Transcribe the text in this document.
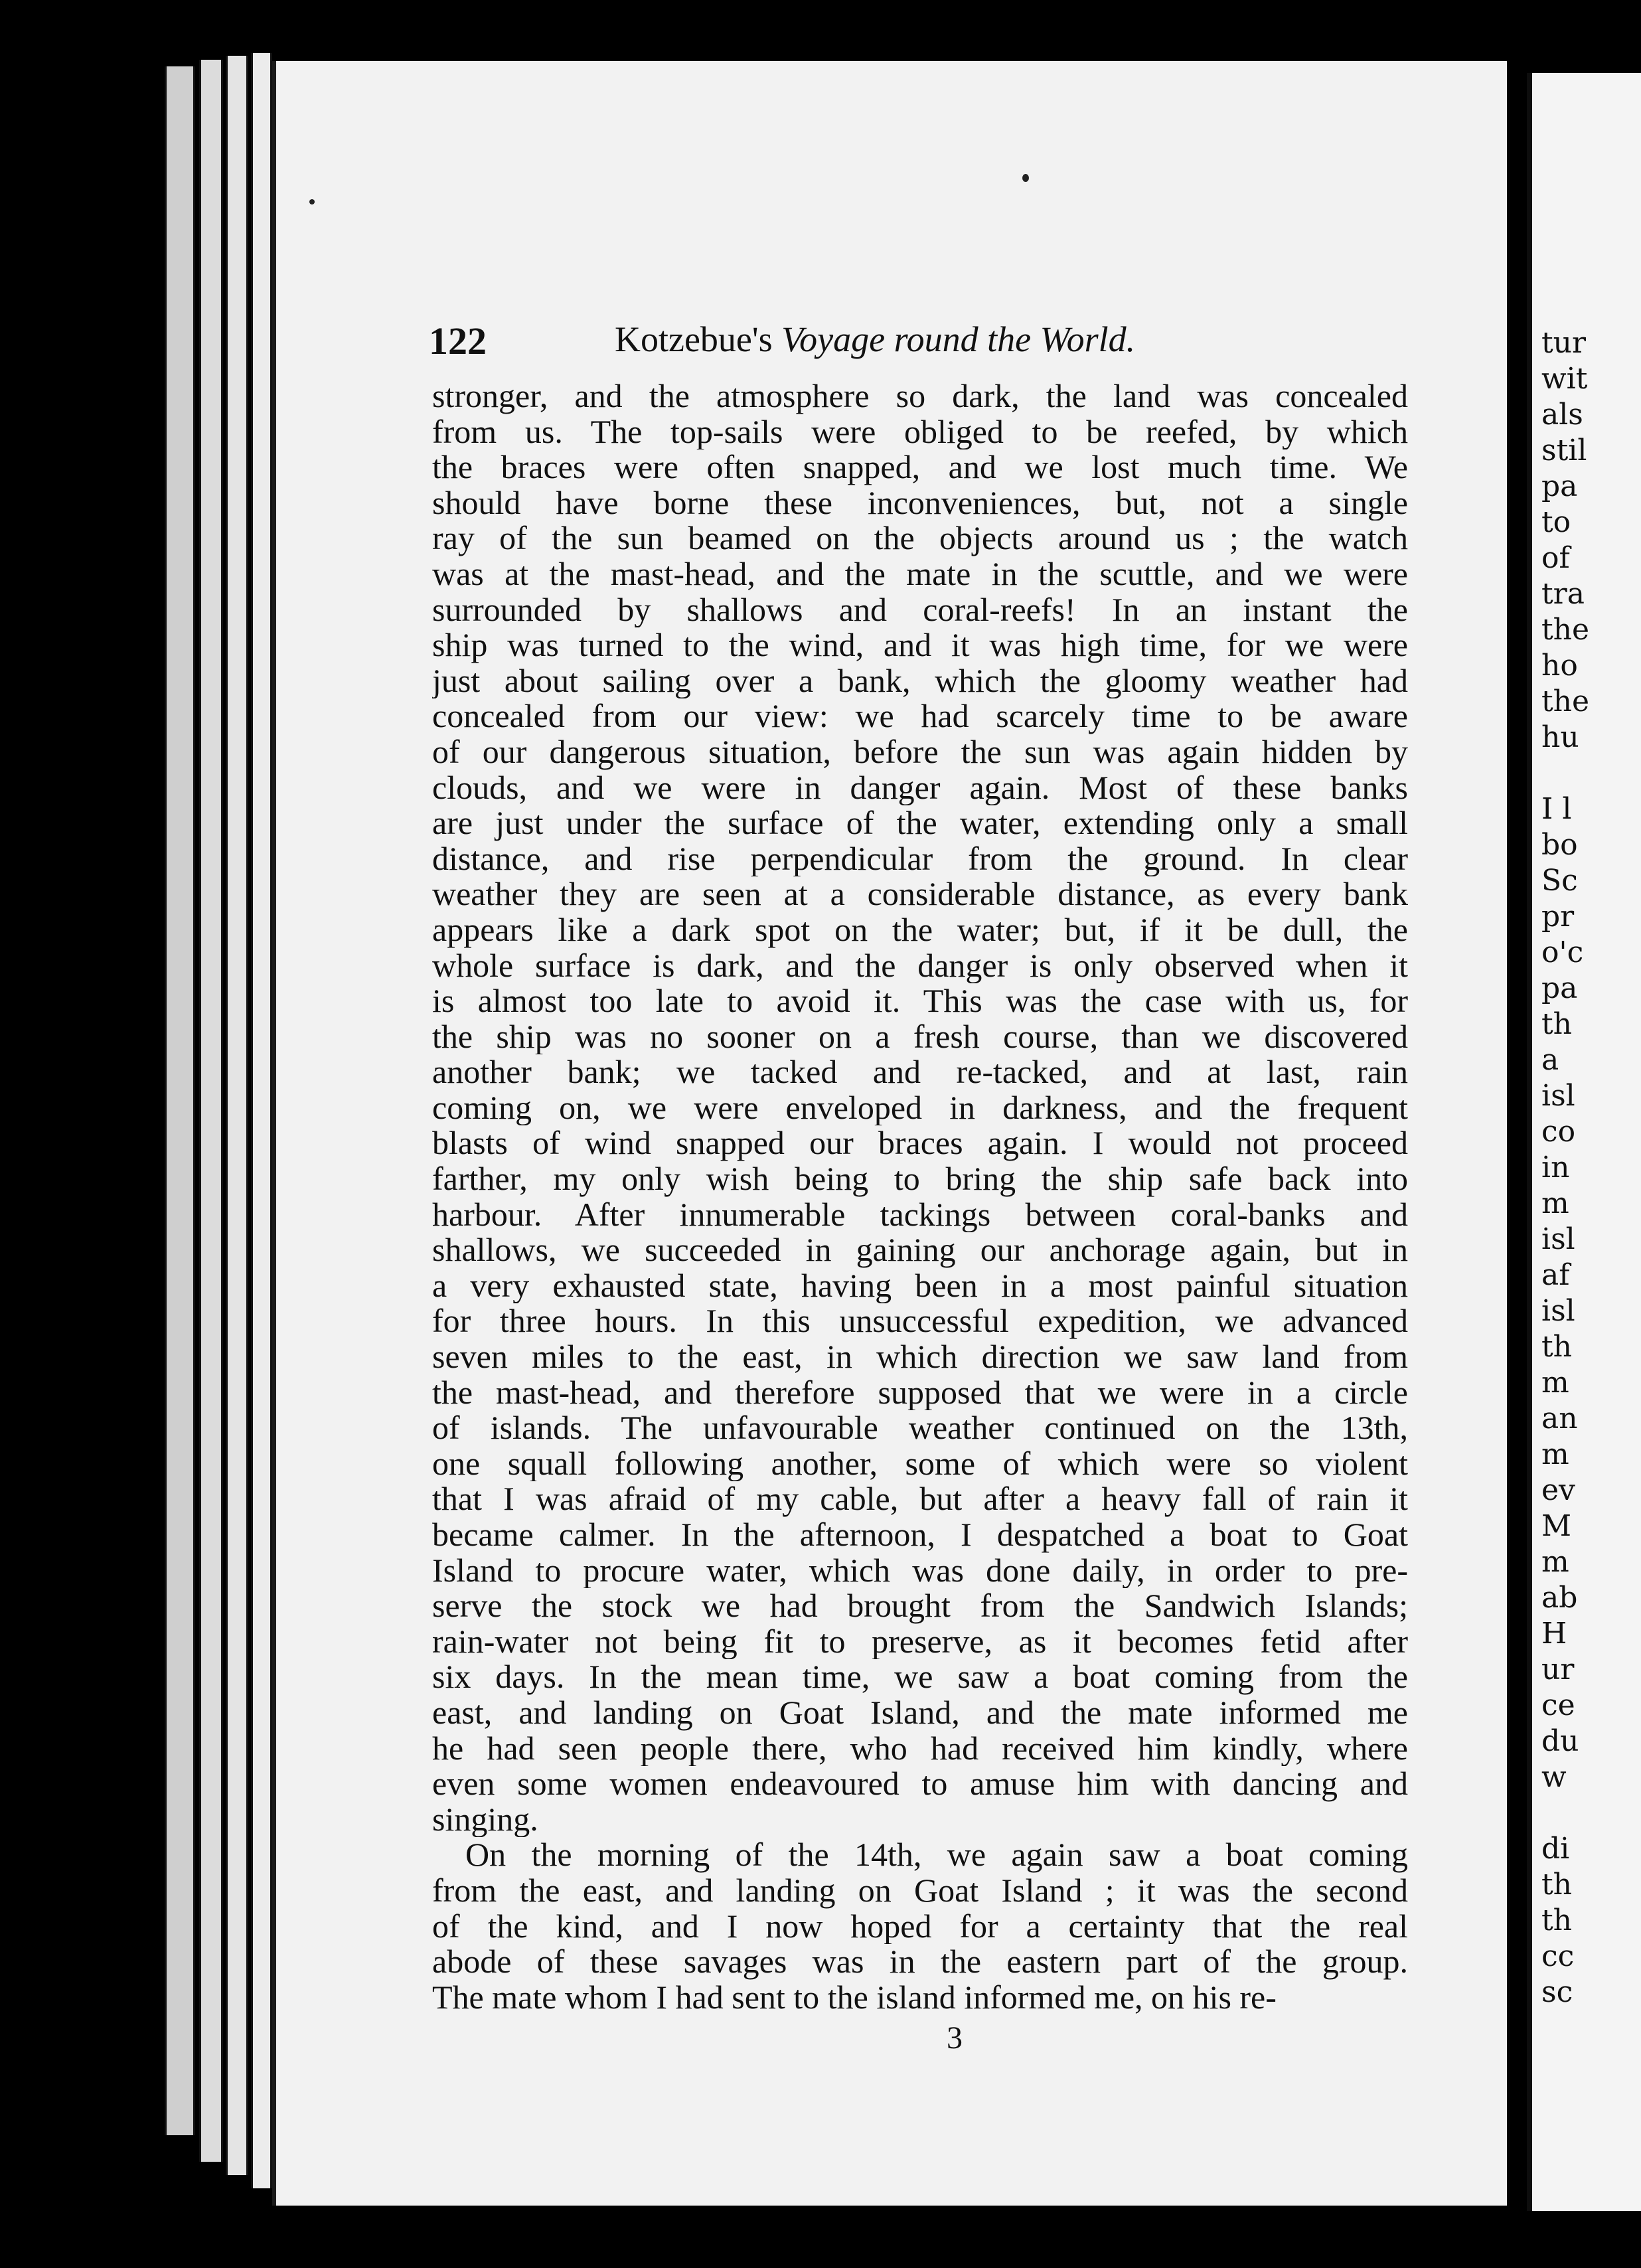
122	Kotzebue's Voyage round the World.
stronger, and the atmosphere so dark, the land was concealed
from us. The top-sails were obliged to be reefed, by which
the braces were often snapped, and we lost much time. We
should have borne these inconveniences, but, not a single
ray of the sun beamed on the objects around us ; the watch
was at the mast-head, and the mate in the scuttle, and we were
surrounded by shallows and coral-reefs! In an instant the
ship was turned to the wind, and it was high time, for we were
just about sailing over a bank, which the gloomy weather had
concealed from our view: we had scarcely time to be aware
of our dangerous situation, before the sun was again hidden by
clouds, and we were in danger again. Most of these banks
are just under the surface of the water, extending only a small
distance, and rise perpendicular from the ground. In clear
weather they are seen at a considerable distance, as every bank
appears like a dark spot on the water; but, if it be dull, the
whole surface is dark, and the danger is only observed when it
is almost too late to avoid it. This was the case with us, for
the ship was no sooner on a fresh course, than we discovered
another bank; we tacked and re-tacked, and at last, rain
coming on, we were enveloped in darkness, and the frequent
blasts of wind snapped our braces again. I would not proceed
farther, my only wish being to bring the ship safe back into
harbour. After innumerable tackings between coral-banks and
shallows, we succeeded in gaining our anchorage again, but in
a very exhausted state, having been in a most painful situation
for three hours. In this unsuccessful expedition, we advanced
seven miles to the east, in which direction we saw land from
the mast-head, and therefore supposed that we were in a circle
of islands. The unfavourable weather continued on the 13th,
one squall following another, some of which were so violent
that I was afraid of my cable, but after a heavy fall of rain it
became calmer. In the afternoon, I despatched a boat to Goat
Island to procure water, which was done daily, in order to pre-
serve the stock we had brought from the Sandwich Islands;
rain-water not being fit to preserve, as it becomes fetid after
six days. In the mean time, we saw a boat coming from the
east, and landing on Goat Island, and the mate informed me
he had seen people there, who had received him kindly, where
even some women endeavoured to amuse him with dancing and
singing.
On the morning of the 14th, we again saw a boat coming
from the east, and landing on Goat Island ; it was the second
of the kind, and I now hoped for a certainty that the real
abode of these savages was in the eastern part of the group.
The mate whom I had sent to the island informed me, on his re-
3
tur
wit
als
stil
pa
to
of
tra
the
ho
the
hu

I l
bo
Sc
pr
o'c
pa
th
a
isl
co
in
m
isl
af
isl
th
m
an
m
ev
M
m
ab
H
ur
ce
du
w

di
th
th
cc
sc
